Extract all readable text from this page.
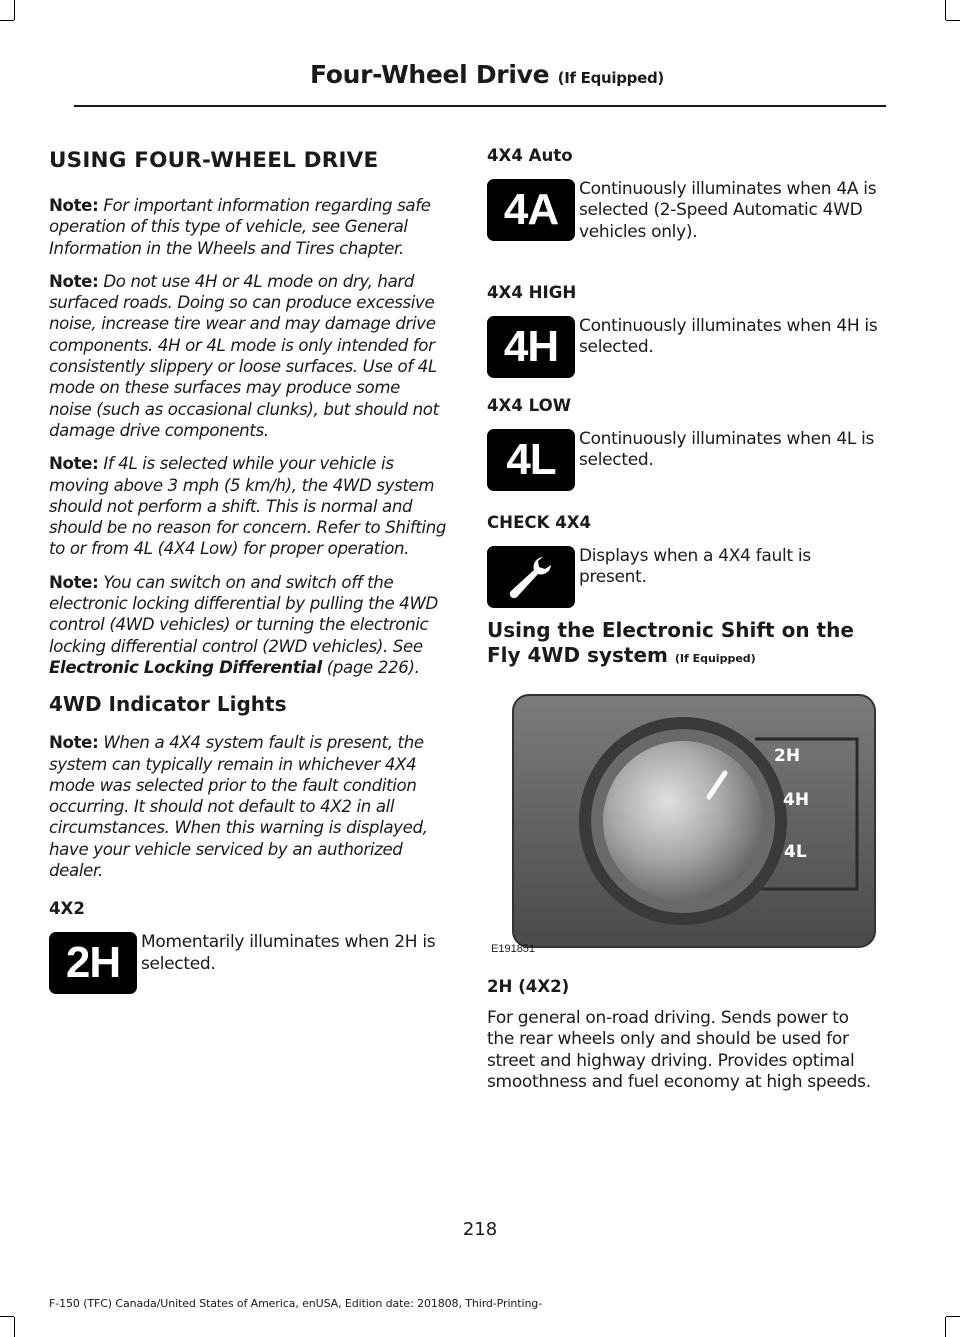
Four-Wheel Drive (If Equipped)
USING FOUR-WHEEL DRIVE

Note: For important information regarding safe operation of this type of vehicle, see General Information in the Wheels and Tires chapter.

Note: Do not use 4H or 4L mode on dry, hard surfaced roads. Doing so can produce excessive noise, increase tire wear and may damage drive components. 4H or 4L mode is only intended for consistently slippery or loose surfaces. Use of 4L mode on these surfaces may produce some noise (such as occasional clunks), but should not damage drive components.

Note: If 4L is selected while your vehicle is moving above 3 mph (5 km/h), the 4WD system should not perform a shift. This is normal and should be no reason for concern. Refer to Shifting to or from 4L (4X4 Low) for proper operation.

Note: You can switch on and switch off the electronic locking differential by pulling the 4WD control (4WD vehicles) or turning the electronic locking differential control (2WD vehicles). See Electronic Locking Differential (page 226).

4WD Indicator Lights

Note: When a 4X4 system fault is present, the system can typically remain in whichever 4X4 mode was selected prior to the fault condition occurring. It should not default to 4X2 in all circumstances. When this warning is displayed, have your vehicle serviced by an authorized dealer.

4X2
2H	Momentarily illuminates when 2H is selected.
4X4 Auto
4A	Continuously illuminates when 4A is selected (2-Speed Automatic 4WD vehicles only).
4X4 HIGH
4H	Continuously illuminates when 4H is selected.
4X4 LOW
4L	Continuously illuminates when 4L is selected.
CHECK 4X4
Displays when a 4X4 fault is present.
Using the Electronic Shift on the Fly 4WD system (If Equipped)
2H
4H
4L
E191851
2H (4X2)

For general on-road driving. Sends power to the rear wheels only and should be used for street and highway driving. Provides optimal smoothness and fuel economy at high speeds.

218
F-150 (TFC) Canada/United States of America, enUSA, Edition date: 201808, Third-Printing-
